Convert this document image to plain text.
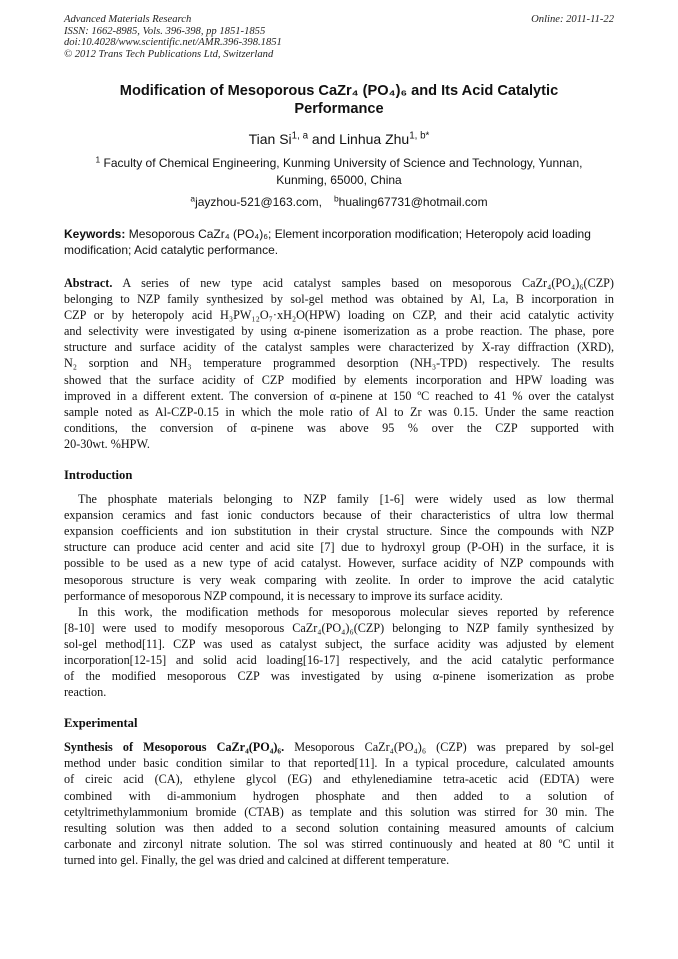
Advanced Materials Research
ISSN: 1662-8985, Vols. 396-398, pp 1851-1855
doi:10.4028/www.scientific.net/AMR.396-398.1851
© 2012 Trans Tech Publications Ltd, Switzerland
Online: 2011-11-22
Modification of Mesoporous CaZr₄ (PO₄)₆ and Its Acid Catalytic
Performance
Tian Si$^{1, a}$ and Linhua Zhu$^{1, b*}$
$^1$ Faculty of Chemical Engineering, Kunming University of Science and Technology, Yunnan,
Kunming, 65000, China
$^a$jayzhou-521@163.com, $^b$hualing67731@hotmail.com
Keywords: Mesoporous CaZr₄ (PO₄)₆; Element incorporation modification; Heteropoly acid loading
modification; Acid catalytic performance.
Abstract. A series of new type acid catalyst samples based on mesoporous CaZr₄(PO₄)₆(CZP)
belonging to NZP family synthesized by sol-gel method was obtained by Al, La, B incorporation in
CZP or by heteropoly acid H₃PW₁₂O₇·xH₂O(HPW) loading on CZP, and their acid catalytic activity
and selectivity were investigated by using α-pinene isomerization as a probe reaction. The phase, pore
structure and surface acidity of the catalyst samples were characterized by X-ray diffraction (XRD),
N₂ sorption and NH₃ temperature programmed desorption (NH₃-TPD) respectively. The results
showed that the surface acidity of CZP modified by elements incorporation and HPW loading was
improved in a different extent. The conversion of α-pinene at 150 ºC reached to 41 % over the catalyst
sample noted as Al-CZP-0.15 in which the mole ratio of Al to Zr was 0.15. Under the same reaction
conditions, the conversion of α-pinene was above 95 % over the CZP supported with
20-30wt. %HPW.
Introduction
The phosphate materials belonging to NZP family [1-6] were widely used as low thermal
expansion ceramics and fast ionic conductors because of their characteristics of ultra low thermal
expansion coefficients and ion substitution in their crystal structure. Since the compounds with NZP
structure can produce acid center and acid site [7] due to hydroxyl group (P-OH) in the surface, it is
possible to be used as a new type of acid catalyst. However, surface acidity of NZP compounds with
mesoporous structure is very weak comparing with zeolite. In order to improve the acid catalytic
performance of mesoporous NZP compound, it is necessary to improve its surface acidity.
In this work, the modification methods for mesoporous molecular sieves reported by reference
[8-10] were used to modify mesoporous CaZr₄(PO₄)₆(CZP) belonging to NZP family synthesized by
sol-gel method[11]. CZP was used as catalyst subject, the surface acidity was adjusted by element
incorporation[12-15] and solid acid loading[16-17] respectively, and the acid catalytic performance
of the modified mesoporous CZP was investigated by using α-pinene isomerization as probe
reaction.
Experimental
Synthesis of Mesoporous CaZr₄(PO₄)₆. Mesoporous CaZr₄(PO₄)₆ (CZP) was prepared by sol-gel
method under basic condition similar to that reported[11]. In a typical procedure, calculated amounts
of cireic acid (CA), ethylene glycol (EG) and ethylenediamine tetra-acetic acid (EDTA) were
combined with di-ammonium hydrogen phosphate and then added to a solution of
cetyltrimethylammonium bromide (CTAB) as template and this solution was stirred for 30 min. The
resulting solution was then added to a second solution containing measured amounts of calcium
carbonate and zirconyl nitrate solution. The sol was stirred continuously and heated at 80 ºC until it
turned into gel. Finally, the gel was dried and calcined at different temperature.
